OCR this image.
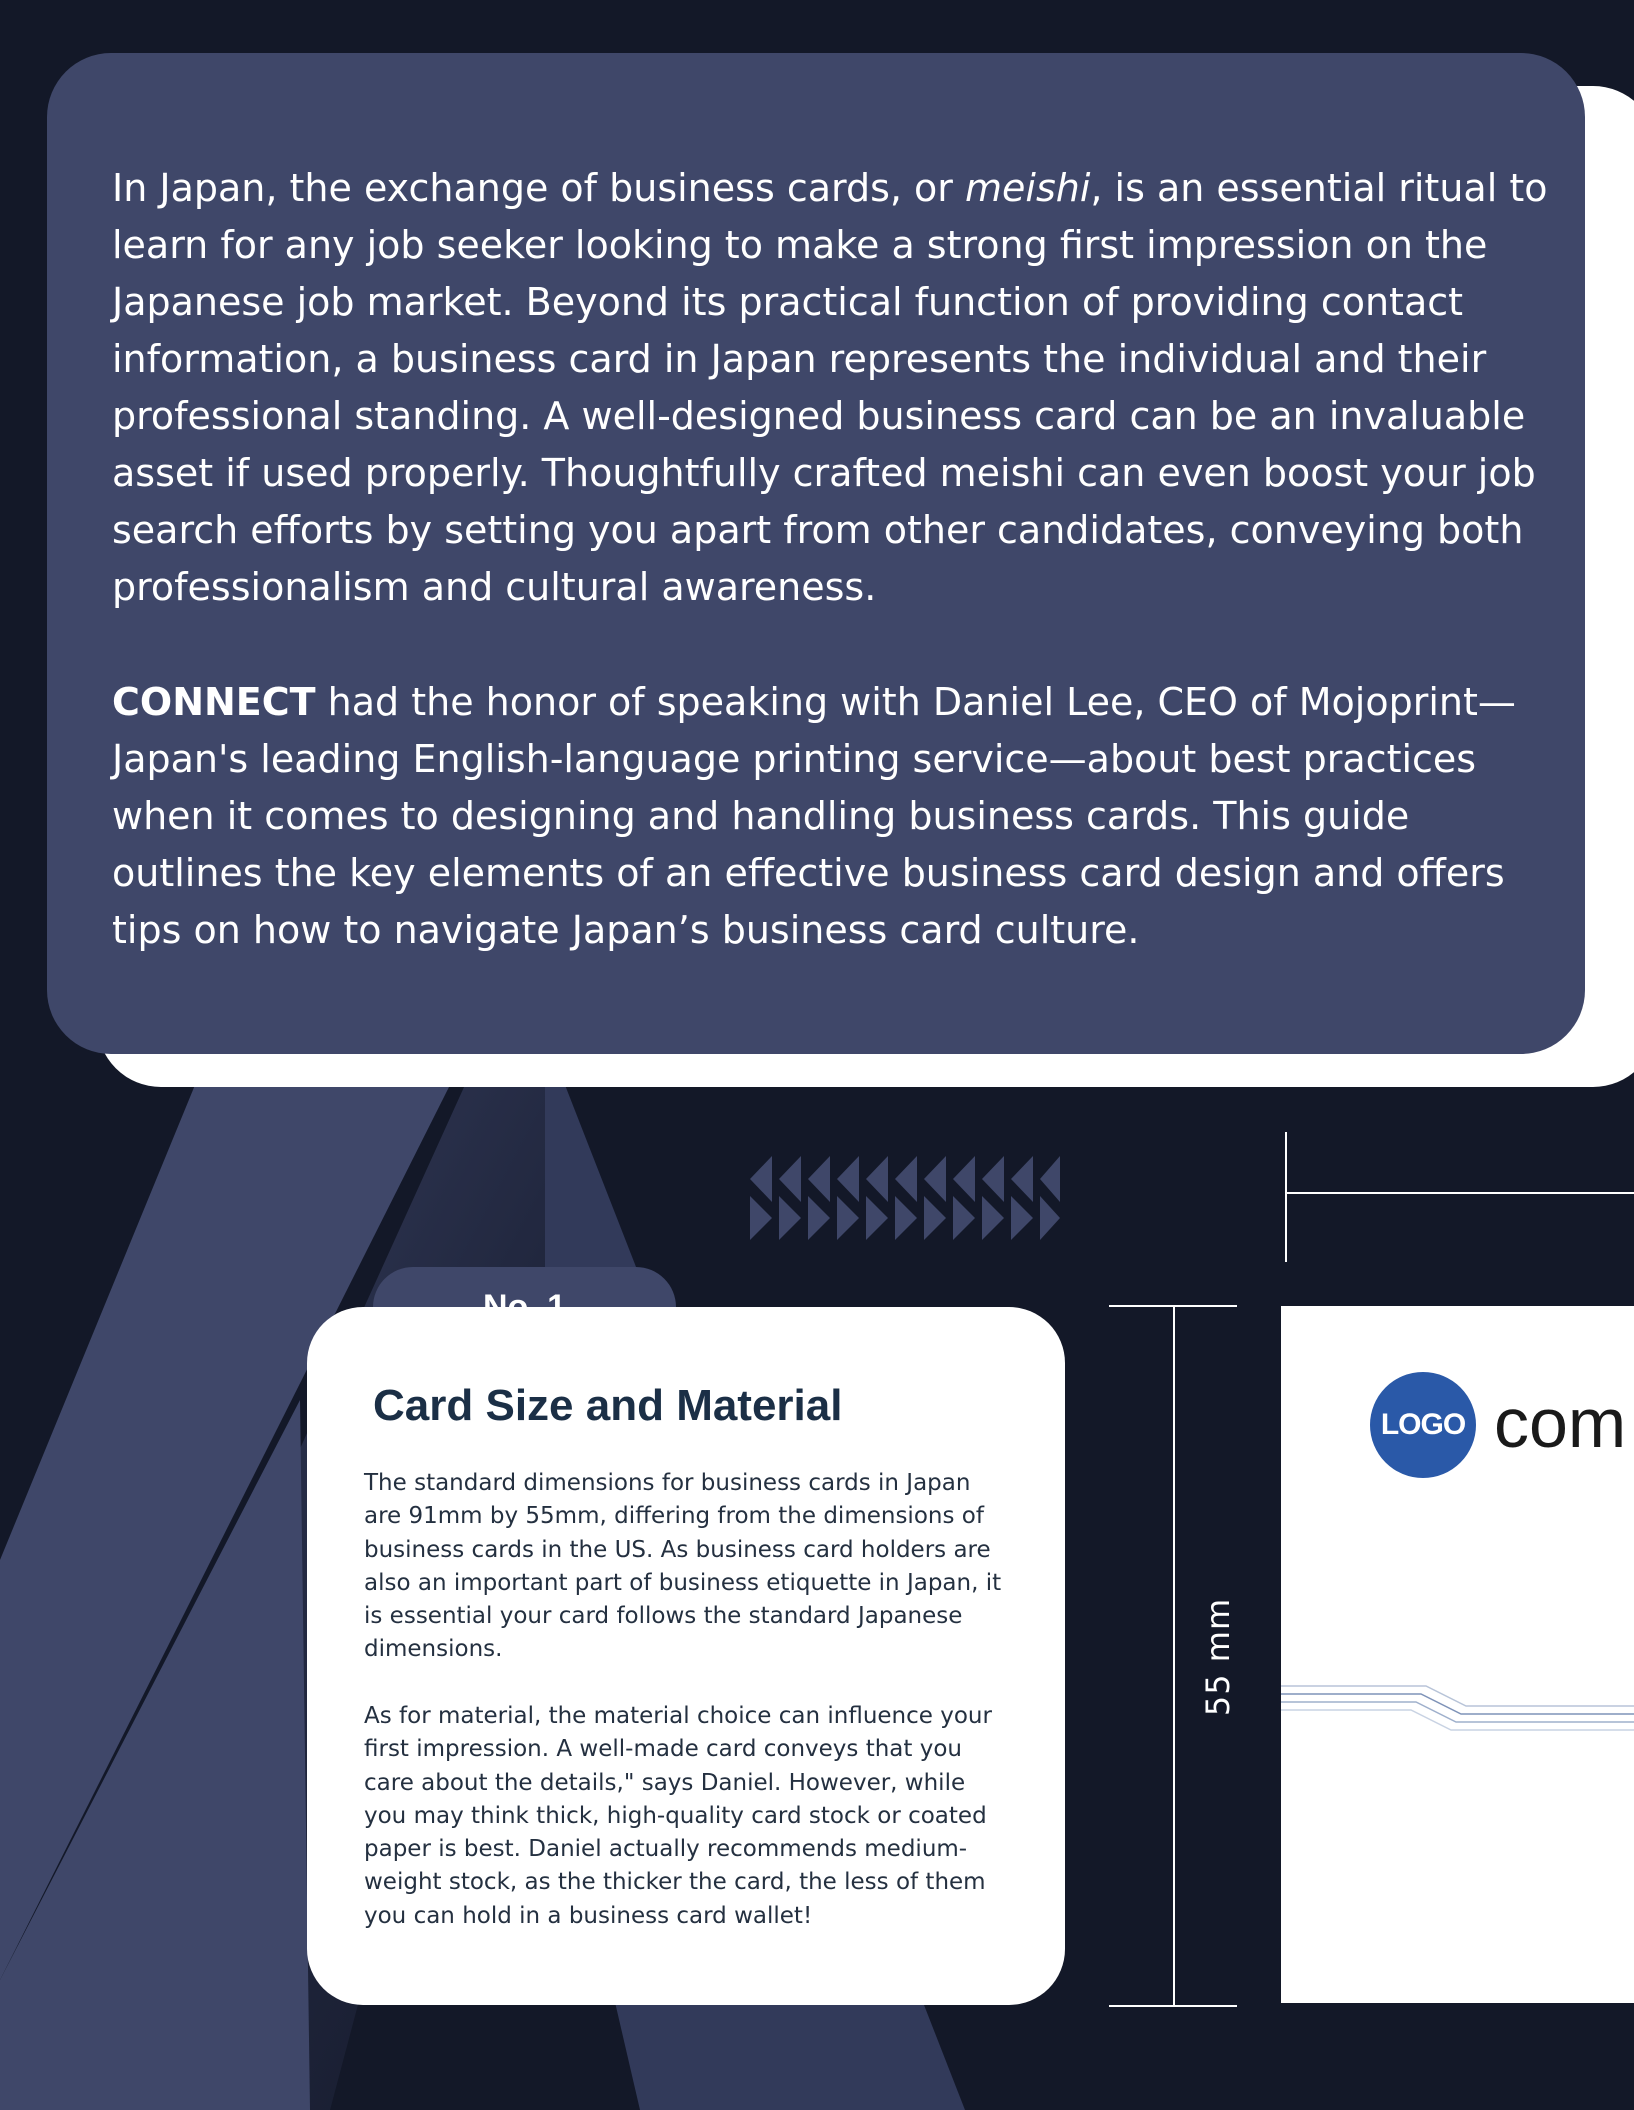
In Japan, the exchange of business cards, or meishi, is an essential ritual to learn for any job seeker looking to make a strong first impression on the Japanese job market. Beyond its practical function of providing contact information, a business card in Japan represents the individual and their professional standing. A well-designed business card can be an invaluable asset if used properly. Thoughtfully crafted meishi can even boost your job search efforts by setting you apart from other candidates, conveying both professionalism and cultural awareness.

CONNECT had the honor of speaking with Daniel Lee, CEO of Mojoprint—Japan's leading English-language printing service—about best practices when it comes to designing and handling business cards. This guide outlines the key elements of an effective business card design and offers tips on how to navigate Japan’s business card culture.

Card Size and Material

The standard dimensions for business cards in Japan are 91mm by 55mm, differing from the dimensions of business cards in the US. As business card holders are also an important part of business etiquette in Japan, it is essential your card follows the standard Japanese dimensions.

As for material, the material choice can influence your first impression. A well-made card conveys that you care about the details," says Daniel. However, while you may think thick, high-quality card stock or coated paper is best. Daniel actually recommends medium-weight stock, as the thicker the card, the less of them you can hold in a business card wallet!

55 mm
LOGO com
